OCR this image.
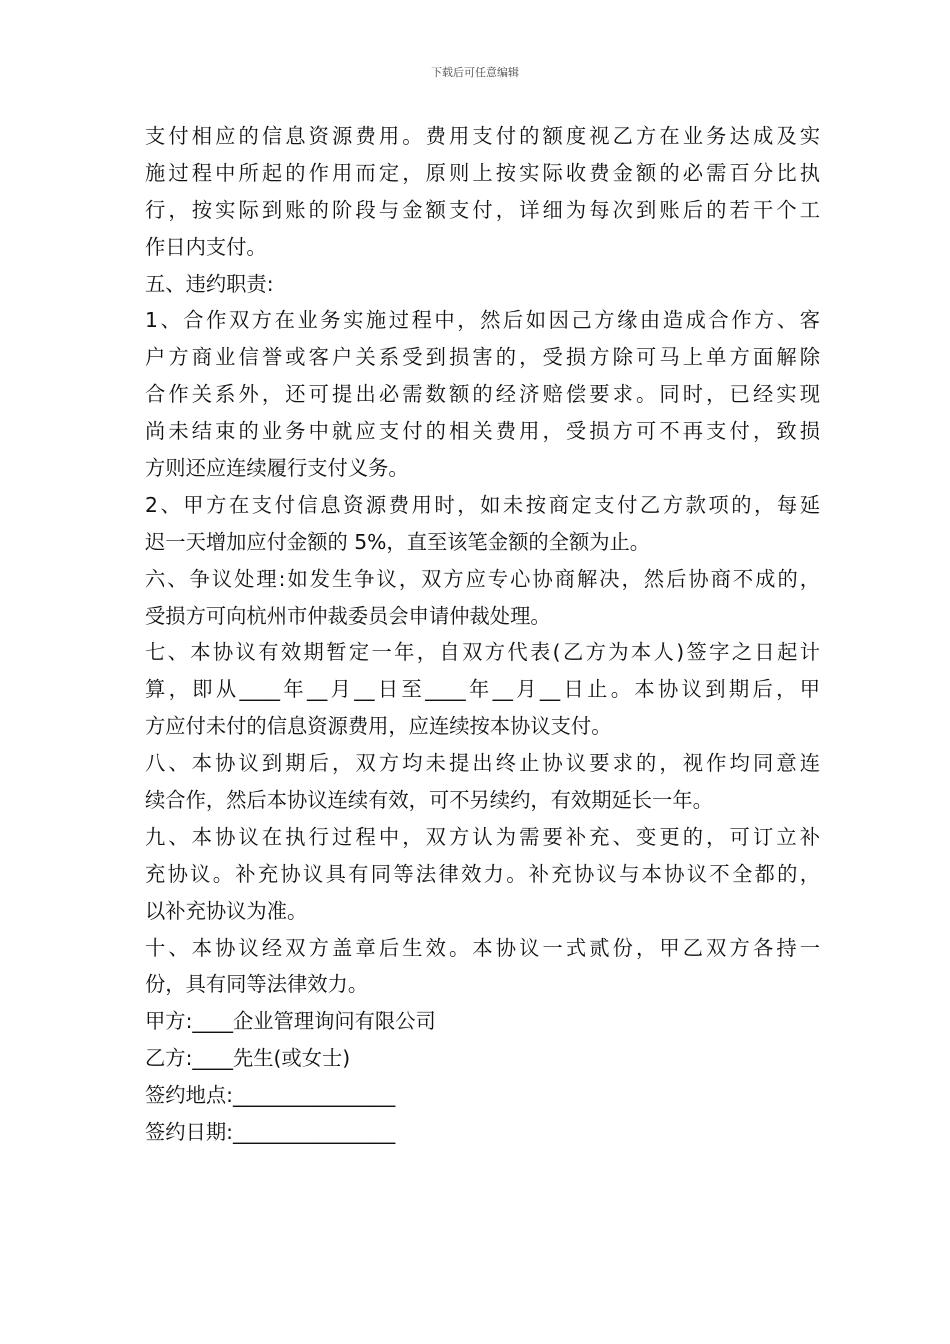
下载后可任意编辑
支付相应的信息资源费用。费用支付的额度视乙方在业务达成及实
施过程中所起的作用而定，原则上按实际收费金额的必需百分比执
行，按实际到账的阶段与金额支付，详细为每次到账后的若干个工
作日内支付。
五、违约职责:
1、合作双方在业务实施过程中，然后如因己方缘由造成合作方、客
户方商业信誉或客户关系受到损害的，受损方除可马上单方面解除
合作关系外，还可提出必需数额的经济赔偿要求。同时，已经实现
尚未结束的业务中就应支付的相关费用，受损方可不再支付，致损
方则还应连续履行支付义务。
2、甲方在支付信息资源费用时，如未按商定支付乙方款项的，每延
迟一天增加应付金额的 5%，直至该笔金额的全额为止。
六、争议处理:如发生争议，双方应专心协商解决，然后协商不成的，
受损方可向杭州市仲裁委员会申请仲裁处理。
七、本协议有效期暂定一年，自双方代表(乙方为本人)签字之日起计
算，即从____年__月__日至____年__月__日止。本协议到期后，甲
方应付未付的信息资源费用，应连续按本协议支付。
八、本协议到期后，双方均未提出终止协议要求的，视作均同意连
续合作，然后本协议连续有效，可不另续约，有效期延长一年。
九、本协议在执行过程中，双方认为需要补充、变更的，可订立补
充协议。补充协议具有同等法律效力。补充协议与本协议不全都的，
以补充协议为准。
十、本协议经双方盖章后生效。本协议一式贰份，甲乙双方各持一
份，具有同等法律效力。
甲方:____企业管理询问有限公司
乙方:____先生(或女士)
签约地点:________________
签约日期:________________
